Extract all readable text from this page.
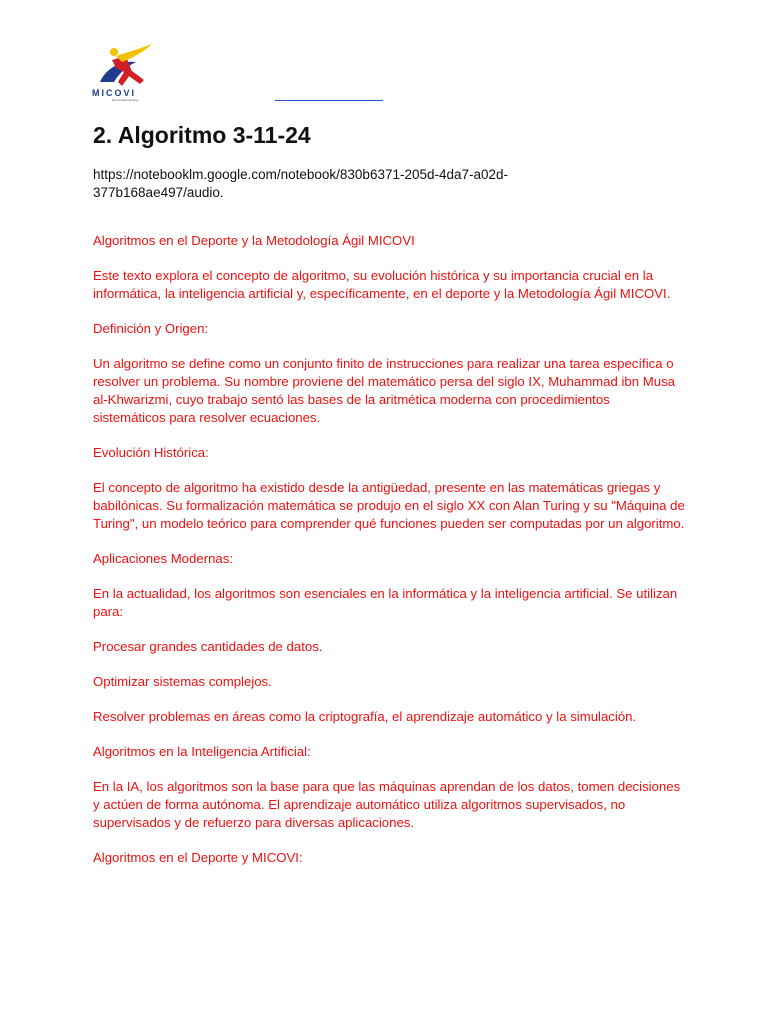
MICOVI
Sports Methodology
2. Algoritmo 3-11-24
https://notebooklm.google.com/notebook/830b6371-205d-4da7-a02d-377b168ae497/audio.

Algoritmos en el Deporte y la Metodología Ágil MICOVI

Este texto explora el concepto de algoritmo, su evolución histórica y su importancia crucial en la informática, la inteligencia artificial y, específicamente, en el deporte y la Metodología Ágil MICOVI.

Definición y Origen:

Un algoritmo se define como un conjunto finito de instrucciones para realizar una tarea específica o resolver un problema. Su nombre proviene del matemático persa del siglo IX, Muhammad ibn Musa al-Khwarizmi, cuyo trabajo sentó las bases de la aritmética moderna con procedimientos sistemáticos para resolver ecuaciones.

Evolución Histórica:

El concepto de algoritmo ha existido desde la antigüedad, presente en las matemáticas griegas y babilónicas. Su formalización matemática se produjo en el siglo XX con Alan Turing y su "Máquina de Turing", un modelo teórico para comprender qué funciones pueden ser computadas por un algoritmo.

Aplicaciones Modernas:

En la actualidad, los algoritmos son esenciales en la informática y la inteligencia artificial. Se utilizan para:

Procesar grandes cantidades de datos.

Optimizar sistemas complejos.

Resolver problemas en áreas como la criptografía, el aprendizaje automático y la simulación.

Algoritmos en la Inteligencia Artificial:

En la IA, los algoritmos son la base para que las máquinas aprendan de los datos, tomen decisiones y actúen de forma autónoma. El aprendizaje automático utiliza algoritmos supervisados, no supervisados y de refuerzo para diversas aplicaciones.

Algoritmos en el Deporte y MICOVI:
